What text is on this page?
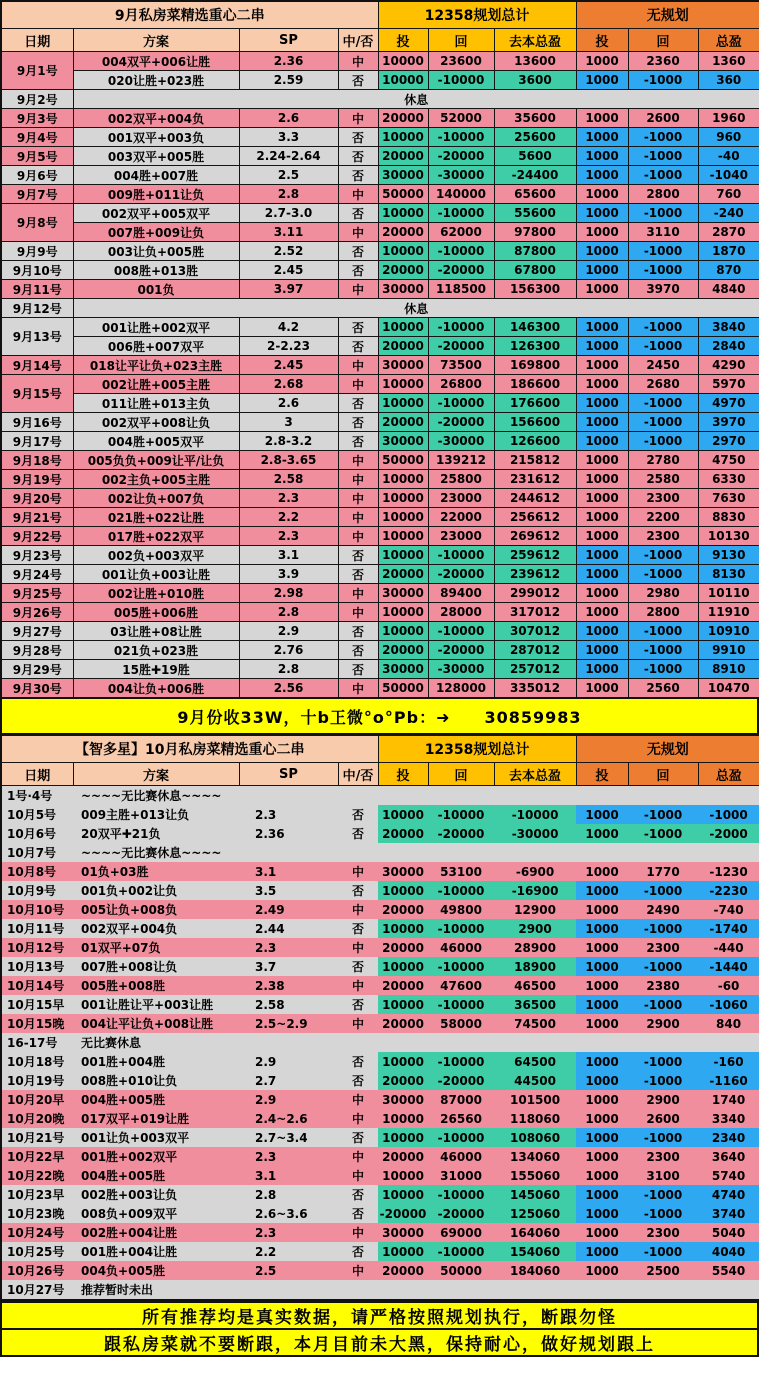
9月私房菜精选重心二串				12358规划总计			无规划		
日期	方案	SP	中/否	投	回	去本总盈	投	回	总盈
9月1号	004双平+006让胜	2.36	中	10000	23600	13600	1000	2360	1360
	020让胜+023胜	2.59	否	10000	-10000	3600	1000	-1000	360
9月2号	休息								
9月3号	002双平+004负	2.6	中	20000	52000	35600	1000	2600	1960
9月4号	001双平+003负	3.3	否	10000	-10000	25600	1000	-1000	960
9月5号	003双平+005胜	2.24-2.64	否	20000	-20000	5600	1000	-1000	-40
9月6号	004胜+007胜	2.5	否	30000	-30000	-24400	1000	-1000	-1040
9月7号	009胜+011让负	2.8	中	50000	140000	65600	1000	2800	760
9月8号	002双平+005双平	2.7-3.0	否	10000	-10000	55600	1000	-1000	-240
	007胜+009让负	3.11	中	20000	62000	97800	1000	3110	2870
9月9号	003让负+005胜	2.52	否	10000	-10000	87800	1000	-1000	1870
9月10号	008胜+013胜	2.45	否	20000	-20000	67800	1000	-1000	870
9月11号	001负	3.97	中	30000	118500	156300	1000	3970	4840
9月12号	休息								
9月13号	001让胜+002双平	4.2	否	10000	-10000	146300	1000	-1000	3840
	006胜+007双平	2-2.23	否	20000	-20000	126300	1000	-1000	2840
9月14号	018让平让负+023主胜	2.45	中	30000	73500	169800	1000	2450	4290
9月15号	002让胜+005主胜	2.68	中	10000	26800	186600	1000	2680	5970
	011让胜+013主负	2.6	否	10000	-10000	176600	1000	-1000	4970
9月16号	002双平+008让负	3	否	20000	-20000	156600	1000	-1000	3970
9月17号	004胜+005双平	2.8-3.2	否	30000	-30000	126600	1000	-1000	2970
9月18号	005负负+009让平/让负	2.8-3.65	中	50000	139212	215812	1000	2780	4750
9月19号	002主负+005主胜	2.58	中	10000	25800	231612	1000	2580	6330
9月20号	002让负+007负	2.3	中	10000	23000	244612	1000	2300	7630
9月21号	021胜+022让胜	2.2	中	10000	22000	256612	1000	2200	8830
9月22号	017胜+022双平	2.3	中	10000	23000	269612	1000	2300	10130
9月23号	002负+003双平	3.1	否	10000	-10000	259612	1000	-1000	9130
9月24号	001让负+003让胜	3.9	否	20000	-20000	239612	1000	-1000	8130
9月25号	002让胜+010胜	2.98	中	30000	89400	299012	1000	2980	10110
9月26号	005胜+006胜	2.8	中	10000	28000	317012	1000	2800	11910
9月27号	03让胜+08让胜	2.9	否	10000	-10000	307012	1000	-1000	10910
9月28号	021负+023胜	2.76	否	20000	-20000	287012	1000	-1000	9910
9月29号	15胜✚19胜	2.8	否	30000	-30000	257012	1000	-1000	8910
9月30号	004让负+006胜	2.56	中	50000	128000	335012	1000	2560	10470
9月份收33W，十b㠪微°o°Pb：➜　　30859983
【智多星】10月私房菜精选重心二串				12358规划总计			无规划		
日期	方案	SP	中/否	投	回	去本总盈	投	回	总盈
1号·4号	~~~~无比赛休息~~~~								
10月5号	009主胜+013让负	2.3	否	10000	-10000	-10000	1000	-1000	-1000
10月6号	20双平✚21负	2.36	否	20000	-20000	-30000	1000	-1000	-2000
10月7号	~~~~无比赛休息~~~~								
10月8号	01负+03胜	3.1	中	30000	53100	-6900	1000	1770	-1230
10月9号	001负+002让负	3.5	否	10000	-10000	-16900	1000	-1000	-2230
10月10号	005让负+008负	2.49	中	20000	49800	12900	1000	2490	-740
10月11号	002双平+004负	2.44	否	10000	-10000	2900	1000	-1000	-1740
10月12号	01双平+07负	2.3	中	20000	46000	28900	1000	2300	-440
10月13号	007胜+008让负	3.7	否	10000	-10000	18900	1000	-1000	-1440
10月14号	005胜+008胜	2.38	中	20000	47600	46500	1000	2380	-60
10月15早	001让胜让平+003让胜	2.58	否	10000	-10000	36500	1000	-1000	-1060
10月15晚	004让平让负+008让胜	2.5~2.9	中	20000	58000	74500	1000	2900	840
16-17号	无比赛休息								
10月18号	001胜+004胜	2.9	否	10000	-10000	64500	1000	-1000	-160
10月19号	008胜+010让负	2.7	否	20000	-20000	44500	1000	-1000	-1160
10月20早	004胜+005胜	2.9	中	30000	87000	101500	1000	2900	1740
10月20晚	017双平+019让胜	2.4~2.6	中	10000	26560	118060	1000	2600	3340
10月21号	001让负+003双平	2.7~3.4	否	10000	-10000	108060	1000	-1000	2340
10月22早	001胜+002双平	2.3	中	20000	46000	134060	1000	2300	3640
10月22晚	004胜+005胜	3.1	中	10000	31000	155060	1000	3100	5740
10月23早	002胜+003让负	2.8	否	10000	-10000	145060	1000	-1000	4740
10月23晚	008负+009双平	2.6~3.6	否	-20000	-20000	125060	1000	-1000	3740
10月24号	002胜+004让胜	2.3	中	30000	69000	164060	1000	2300	5040
10月25号	001胜+004让胜	2.2	否	10000	-10000	154060	1000	-1000	4040
10月26号	004负+005胜	2.5	中	20000	50000	184060	1000	2500	5540
10月27号	推荐暂时未出								
所有推荐均是真实数据，请严格按照规划执行，断跟勿怪
跟私房菜就不要断跟，本月目前未大黑，保持耐心，做好规划跟上
